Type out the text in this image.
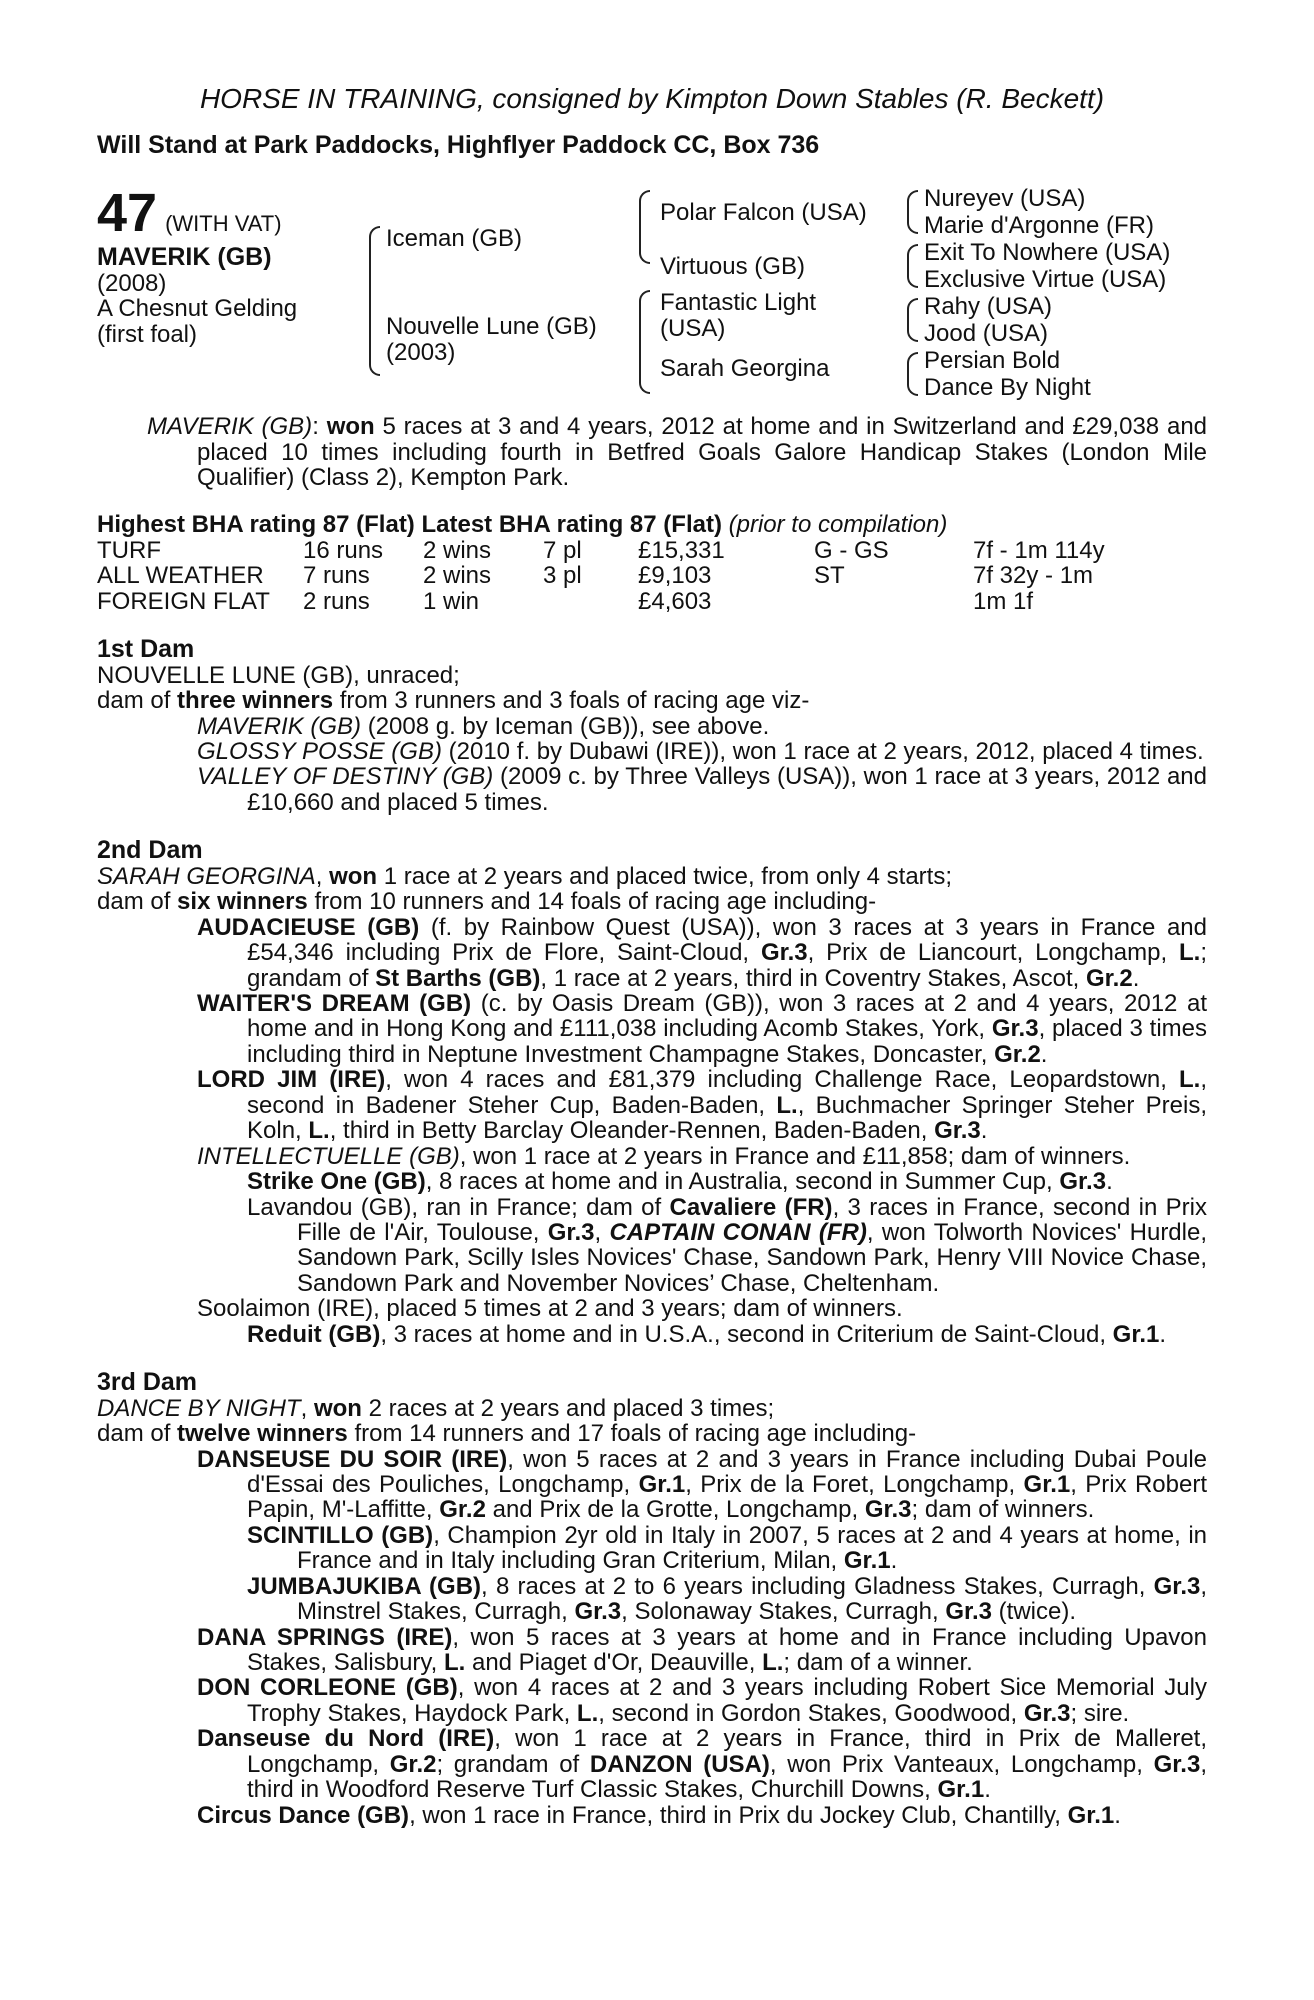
HORSE IN TRAINING, consigned by Kimpton Down Stables (R. Beckett)
Will Stand at Park Paddocks, Highflyer Paddock CC, Box 736
47 (WITH VAT)
MAVERIK (GB)
(2008)
A Chesnut Gelding
(first foal)
Iceman (GB)
Nouvelle Lune (GB)
(2003)
Polar Falcon (USA)
Virtuous (GB)
Fantastic Light
(USA)
Sarah Georgina
Nureyev (USA)
Marie d'Argonne (FR)
Exit To Nowhere (USA)
Exclusive Virtue (USA)
Rahy (USA)
Jood (USA)
Persian Bold
Dance By Night

MAVERIK (GB): won 5 races at 3 and 4 years, 2012 at home and in Switzerland and £29,038 and placed 10 times including fourth in Betfred Goals Galore Handicap Stakes (London Mile Qualifier) (Class 2), Kempton Park.

Highest BHA rating 87 (Flat) Latest BHA rating 87 (Flat) (prior to compilation)
TURF	16 runs	2 wins	7 pl	£15,331	G - GS	7f - 1m 114y
ALL WEATHER	7 runs	2 wins	3 pl	£9,103	ST	7f 32y - 1m
FOREIGN FLAT	2 runs	1 win		£4,603		1m 1f
1st Dam

NOUVELLE LUNE (GB), unraced;

dam of three winners from 3 runners and 3 foals of racing age viz-

MAVERIK (GB) (2008 g. by Iceman (GB)), see above.

GLOSSY POSSE (GB) (2010 f. by Dubawi (IRE)), won 1 race at 2 years, 2012, placed 4 times.

VALLEY OF DESTINY (GB) (2009 c. by Three Valleys (USA)), won 1 race at 3 years, 2012 and £10,660 and placed 5 times.

2nd Dam

SARAH GEORGINA, won 1 race at 2 years and placed twice, from only 4 starts;

dam of six winners from 10 runners and 14 foals of racing age including-

AUDACIEUSE (GB) (f. by Rainbow Quest (USA)), won 3 races at 3 years in France and £54,346 including Prix de Flore, Saint-Cloud, Gr.3, Prix de Liancourt, Longchamp, L.; grandam of St Barths (GB), 1 race at 2 years, third in Coventry Stakes, Ascot, Gr.2.

WAITER'S DREAM (GB) (c. by Oasis Dream (GB)), won 3 races at 2 and 4 years, 2012 at home and in Hong Kong and £111,038 including Acomb Stakes, York, Gr.3, placed 3 times including third in Neptune Investment Champagne Stakes, Doncaster, Gr.2.

LORD JIM (IRE), won 4 races and £81,379 including Challenge Race, Leopardstown, L., second in Badener Steher Cup, Baden-Baden, L., Buchmacher Springer Steher Preis, Koln, L., third in Betty Barclay Oleander-Rennen, Baden-Baden, Gr.3.

INTELLECTUELLE (GB), won 1 race at 2 years in France and £11,858; dam of winners.

Strike One (GB), 8 races at home and in Australia, second in Summer Cup, Gr.3.

Lavandou (GB), ran in France; dam of Cavaliere (FR), 3 races in France, second in Prix Fille de l'Air, Toulouse, Gr.3, CAPTAIN CONAN (FR), won Tolworth Novices' Hurdle, Sandown Park, Scilly Isles Novices' Chase, Sandown Park, Henry VIII Novice Chase, Sandown Park and November Novices’ Chase, Cheltenham.

Soolaimon (IRE), placed 5 times at 2 and 3 years; dam of winners.

Reduit (GB), 3 races at home and in U.S.A., second in Criterium de Saint-Cloud, Gr.1.

3rd Dam

DANCE BY NIGHT, won 2 races at 2 years and placed 3 times;

dam of twelve winners from 14 runners and 17 foals of racing age including-

DANSEUSE DU SOIR (IRE), won 5 races at 2 and 3 years in France including Dubai Poule d'Essai des Pouliches, Longchamp, Gr.1, Prix de la Foret, Longchamp, Gr.1, Prix Robert Papin, M'-Laffitte, Gr.2 and Prix de la Grotte, Longchamp, Gr.3; dam of winners.

SCINTILLO (GB), Champion 2yr old in Italy in 2007, 5 races at 2 and 4 years at home, in France and in Italy including Gran Criterium, Milan, Gr.1.

JUMBAJUKIBA (GB), 8 races at 2 to 6 years including Gladness Stakes, Curragh, Gr.3, Minstrel Stakes, Curragh, Gr.3, Solonaway Stakes, Curragh, Gr.3 (twice).

DANA SPRINGS (IRE), won 5 races at 3 years at home and in France including Upavon Stakes, Salisbury, L. and Piaget d'Or, Deauville, L.; dam of a winner.

DON CORLEONE (GB), won 4 races at 2 and 3 years including Robert Sice Memorial July Trophy Stakes, Haydock Park, L., second in Gordon Stakes, Goodwood, Gr.3; sire.

Danseuse du Nord (IRE), won 1 race at 2 years in France, third in Prix de Malleret, Longchamp, Gr.2; grandam of DANZON (USA), won Prix Vanteaux, Longchamp, Gr.3, third in Woodford Reserve Turf Classic Stakes, Churchill Downs, Gr.1.

Circus Dance (GB), won 1 race in France, third in Prix du Jockey Club, Chantilly, Gr.1.
